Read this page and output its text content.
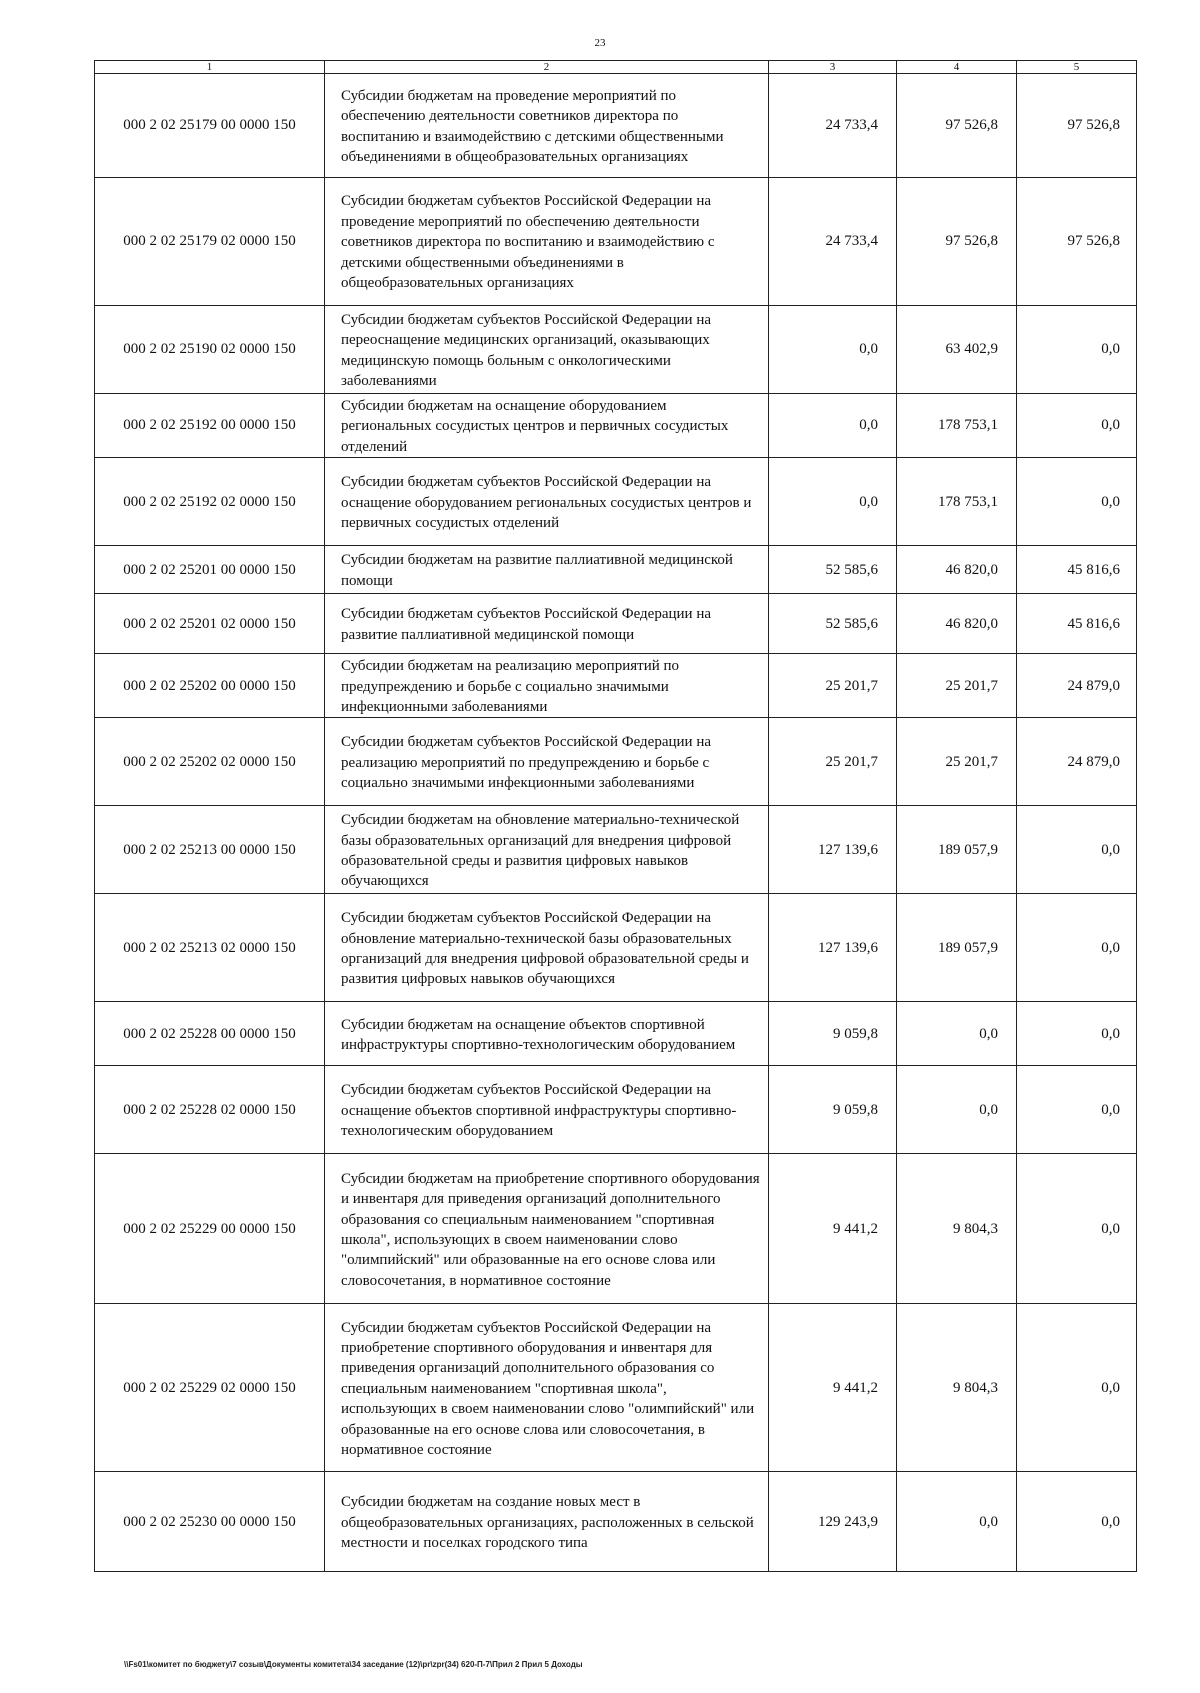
23
1	2	3	4	5
000 2 02 25179 00 0000 150	Субсидии бюджетам на проведение мероприятий по обеспечению деятельности советников директора по воспитанию и взаимодействию с детскими общественными объединениями в общеобразовательных организациях	24 733,4	97 526,8	97 526,8
000 2 02 25179 02 0000 150	Субсидии бюджетам субъектов Российской Федерации на проведение мероприятий по обеспечению деятельности советников директора по воспитанию и взаимодействию с детскими общественными объединениями в общеобразовательных организациях	24 733,4	97 526,8	97 526,8
000 2 02 25190 02 0000 150	Субсидии бюджетам субъектов Российской Федерации на переоснащение медицинских организаций, оказывающих медицинскую помощь больным с онкологическими заболеваниями	0,0	63 402,9	0,0
000 2 02 25192 00 0000 150	Субсидии бюджетам на оснащение оборудованием региональных сосудистых центров и первичных сосудистых отделений	0,0	178 753,1	0,0
000 2 02 25192 02 0000 150	Субсидии бюджетам субъектов Российской Федерации на оснащение оборудованием региональных сосудистых центров и первичных сосудистых отделений	0,0	178 753,1	0,0
000 2 02 25201 00 0000 150	Субсидии бюджетам на развитие паллиативной медицинской помощи	52 585,6	46 820,0	45 816,6
000 2 02 25201 02 0000 150	Субсидии бюджетам субъектов Российской Федерации на развитие паллиативной медицинской помощи	52 585,6	46 820,0	45 816,6
000 2 02 25202 00 0000 150	Субсидии бюджетам на реализацию мероприятий по предупреждению и борьбе с социально значимыми инфекционными заболеваниями	25 201,7	25 201,7	24 879,0
000 2 02 25202 02 0000 150	Субсидии бюджетам субъектов Российской Федерации на реализацию мероприятий по предупреждению и борьбе с социально значимыми инфекционными заболеваниями	25 201,7	25 201,7	24 879,0
000 2 02 25213 00 0000 150	Субсидии бюджетам на обновление материально-технической базы образовательных организаций для внедрения цифровой образовательной среды и развития цифровых навыков обучающихся	127 139,6	189 057,9	0,0
000 2 02 25213 02 0000 150	Субсидии бюджетам субъектов Российской Федерации на обновление материально-технической базы образовательных организаций для внедрения цифровой образовательной среды и развития цифровых навыков обучающихся	127 139,6	189 057,9	0,0
000 2 02 25228 00 0000 150	Субсидии бюджетам на оснащение объектов спортивной инфраструктуры спортивно-технологическим оборудованием	9 059,8	0,0	0,0
000 2 02 25228 02 0000 150	Субсидии бюджетам субъектов Российской Федерации на оснащение объектов спортивной инфраструктуры спортивно-технологическим оборудованием	9 059,8	0,0	0,0
000 2 02 25229 00 0000 150	Субсидии бюджетам на приобретение спортивного оборудования и инвентаря для приведения организаций дополнительного образования со специальным наименованием "спортивная школа", использующих в своем наименовании слово "олимпийский" или образованные на его основе слова или словосочетания, в нормативное состояние	9 441,2	9 804,3	0,0
000 2 02 25229 02 0000 150	Субсидии бюджетам субъектов Российской Федерации на приобретение спортивного оборудования и инвентаря для приведения организаций дополнительного образования со специальным наименованием "спортивная школа", использующих в своем наименовании слово "олимпийский" или образованные на его основе слова или словосочетания, в нормативное состояние	9 441,2	9 804,3	0,0
000 2 02 25230 00 0000 150	Субсидии бюджетам на создание новых мест в общеобразовательных организациях, расположенных в сельской местности и поселках городского типа	129 243,9	0,0	0,0
\\Fs01\комитет по бюджету\7 созыв\Документы комитета\34 заседание (12)\pr\zpr(34) 620-П-7\Прил 2 Прил 5 Доходы
